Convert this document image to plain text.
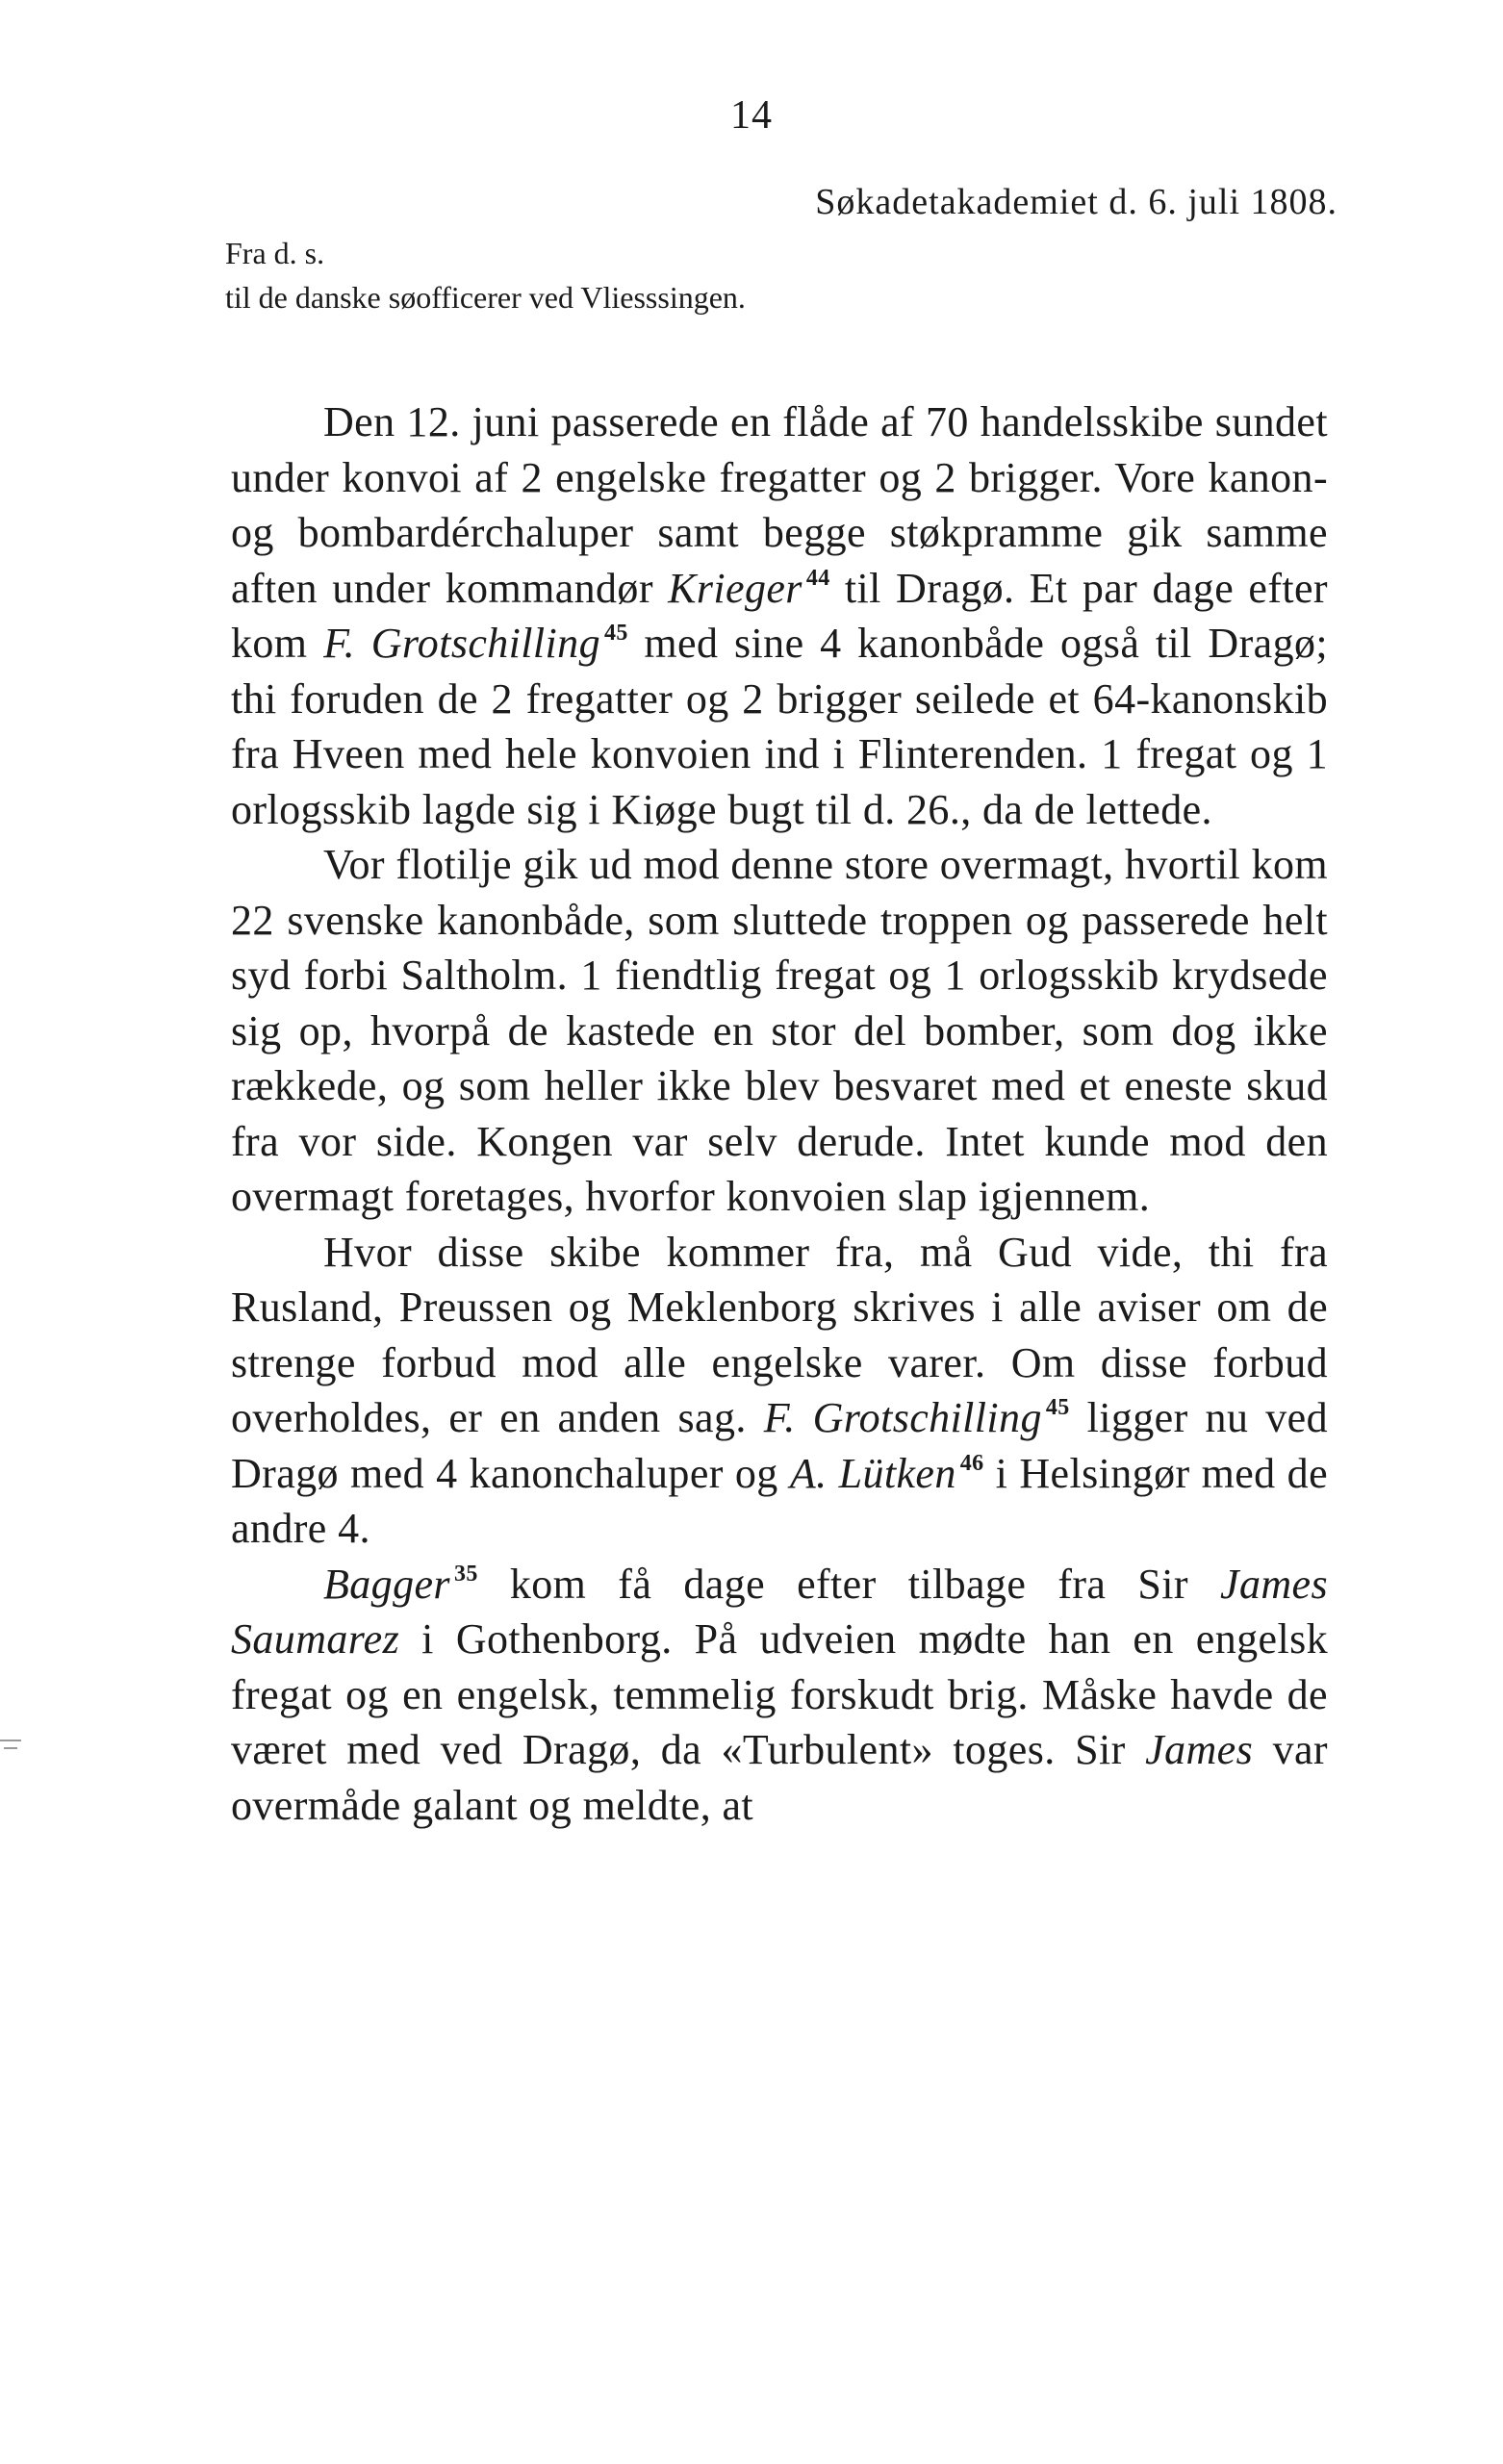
14
Søkadetakademiet d. 6. juli 1808.
Fra d. s.
til de danske søofficerer ved Vliesssingen.

Den 12. juni passerede en flåde af 70 handelsskibe sundet under konvoi af 2 engelske fregatter og 2 brigger. Vore kanon- og bombardérchaluper samt begge støkpramme gik samme aften under kommandør Krieger $^{44}$ til Dragø. Et par dage efter kom F. Grotschilling $^{45}$ med sine 4 kanonbåde også til Dragø; thi foruden de 2 fregatter og 2 brigger seilede et 64-kanonskib fra Hveen med hele konvoien ind i Flinterenden. 1 fregat og 1 orlogsskib lagde sig i Kiøge bugt til d. 26., da de lettede.

Vor flotilje gik ud mod denne store overmagt, hvortil kom 22 svenske kanonbåde, som sluttede troppen og passerede helt syd forbi Saltholm. 1 fiendtlig fregat og 1 orlogsskib krydsede sig op, hvorpå de kastede en stor del bomber, som dog ikke rækkede, og som heller ikke blev besvaret med et eneste skud fra vor side. Kongen var selv derude. Intet kunde mod den overmagt foretages, hvorfor konvoien slap igjennem.

Hvor disse skibe kommer fra, må Gud vide, thi fra Rusland, Preussen og Meklenborg skrives i alle aviser om de strenge forbud mod alle engelske varer. Om disse forbud overholdes, er en anden sag. F. Grotschilling $^{45}$ ligger nu ved Dragø med 4 kanonchaluper og A. Lütken $^{46}$ i Helsingør med de andre 4.

Bagger $^{35}$ kom få dage efter tilbage fra Sir James Saumarez i Gothenborg. På udveien mødte han en engelsk fregat og en engelsk, temmelig forskudt brig. Måske havde de været med ved Dragø, da «Turbulent» toges. Sir James var overmåde galant og meldte, at
